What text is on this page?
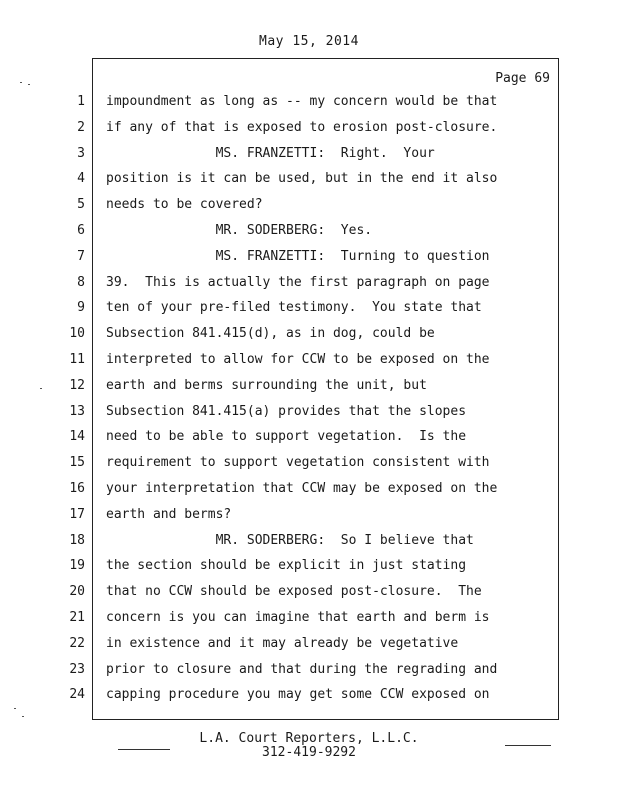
May 15, 2014
Page 69
1 impoundment as long as -- my concern would be that
2 if any of that is exposed to erosion post-closure.
3 MS. FRANZETTI:  Right.  Your
4 position is it can be used, but in the end it also
5 needs to be covered?
6 MR. SODERBERG:  Yes.
7 MS. FRANZETTI:  Turning to question
8 39.  This is actually the first paragraph on page
9 ten of your pre-filed testimony.  You state that
10 Subsection 841.415(d), as in dog, could be
11 interpreted to allow for CCW to be exposed on the
12 earth and berms surrounding the unit, but
13 Subsection 841.415(a) provides that the slopes
14 need to be able to support vegetation.  Is the
15 requirement to support vegetation consistent with
16 your interpretation that CCW may be exposed on the
17 earth and berms?
18 MR. SODERBERG:  So I believe that
19 the section should be explicit in just stating
20 that no CCW should be exposed post-closure.  The
21 concern is you can imagine that earth and berm is
22 in existence and it may already be vegetative
23 prior to closure and that during the regrading and
24 capping procedure you may get some CCW exposed on
L.A. Court Reporters, L.L.C.
312-419-9292
